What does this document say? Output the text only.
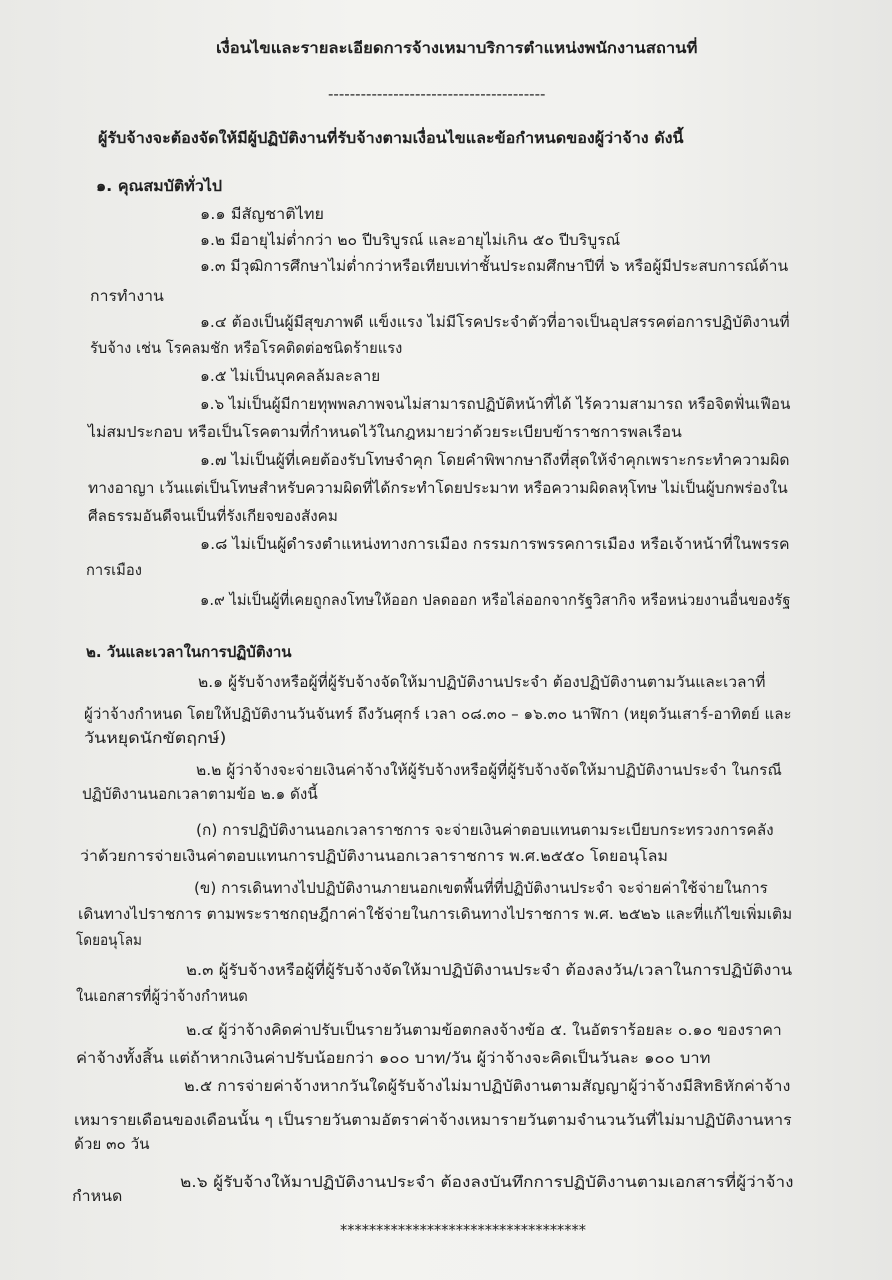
เงื่อนไขและรายละเอียดการจ้างเหมาบริการตำแหน่งพนักงานสถานที่

----------------------------------------

ผู้รับจ้างจะต้องจัดให้มีผู้ปฏิบัติงานที่รับจ้างตามเงื่อนไขและข้อกำหนดของผู้ว่าจ้าง ดังนี้

๑. คุณสมบัติทั่วไป

๑.๑ มีสัญชาติไทย

๑.๒ มีอายุไม่ต่ำกว่า ๒๐ ปีบริบูรณ์ และอายุไม่เกิน ๕๐ ปีบริบูรณ์

๑.๓ มีวุฒิการศึกษาไม่ต่ำกว่าหรือเทียบเท่าชั้นประถมศึกษาปีที่ ๖ หรือผู้มีประสบการณ์ด้าน

การทำงาน

๑.๔ ต้องเป็นผู้มีสุขภาพดี แข็งแรง ไม่มีโรคประจำตัวที่อาจเป็นอุปสรรคต่อการปฏิบัติงานที่

รับจ้าง เช่น โรคลมชัก หรือโรคติดต่อชนิดร้ายแรง

๑.๕ ไม่เป็นบุคคลล้มละลาย

๑.๖ ไม่เป็นผู้มีกายทุพพลภาพจนไม่สามารถปฏิบัติหน้าที่ได้ ไร้ความสามารถ หรือจิตฟั่นเฟือน

ไม่สมประกอบ หรือเป็นโรคตามที่กำหนดไว้ในกฎหมายว่าด้วยระเบียบข้าราชการพลเรือน

๑.๗ ไม่เป็นผู้ที่เคยต้องรับโทษจำคุก โดยคำพิพากษาถึงที่สุดให้จำคุกเพราะกระทำความผิด

ทางอาญา เว้นแต่เป็นโทษสำหรับความผิดที่ได้กระทำโดยประมาท หรือความผิดลหุโทษ ไม่เป็นผู้บกพร่องใน

ศีลธรรมอันดีจนเป็นที่รังเกียจของสังคม

๑.๘ ไม่เป็นผู้ดำรงตำแหน่งทางการเมือง กรรมการพรรคการเมือง หรือเจ้าหน้าที่ในพรรค

การเมือง

๑.๙ ไม่เป็นผู้ที่เคยถูกลงโทษให้ออก ปลดออก หรือไล่ออกจากรัฐวิสากิจ หรือหน่วยงานอื่นของรัฐ

๒. วันและเวลาในการปฏิบัติงาน

๒.๑ ผู้รับจ้างหรือผู้ที่ผู้รับจ้างจัดให้มาปฏิบัติงานประจำ ต้องปฏิบัติงานตามวันและเวลาที่

ผู้ว่าจ้างกำหนด โดยให้ปฏิบัติงานวันจันทร์ ถึงวันศุกร์ เวลา ๐๘.๓๐ – ๑๖.๓๐ นาฬิกา (หยุดวันเสาร์-อาทิตย์ และ

วันหยุดนักขัตฤกษ์)

๒.๒ ผู้ว่าจ้างจะจ่ายเงินค่าจ้างให้ผู้รับจ้างหรือผู้ที่ผู้รับจ้างจัดให้มาปฏิบัติงานประจำ ในกรณี

ปฏิบัติงานนอกเวลาตามข้อ ๒.๑ ดังนี้

(ก) การปฏิบัติงานนอกเวลาราชการ จะจ่ายเงินค่าตอบแทนตามระเบียบกระทรวงการคลัง

ว่าด้วยการจ่ายเงินค่าตอบแทนการปฏิบัติงานนอกเวลาราชการ พ.ศ.๒๕๕๐ โดยอนุโลม

(ข) การเดินทางไปปฏิบัติงานภายนอกเขตพื้นที่ที่ปฏิบัติงานประจำ จะจ่ายค่าใช้จ่ายในการ

เดินทางไปราชการ ตามพระราชกฤษฎีกาค่าใช้จ่ายในการเดินทางไปราชการ พ.ศ. ๒๕๒๖ และที่แก้ไขเพิ่มเติม

โดยอนุโลม

๒.๓ ผู้รับจ้างหรือผู้ที่ผู้รับจ้างจัดให้มาปฏิบัติงานประจำ ต้องลงวัน/เวลาในการปฏิบัติงาน

ในเอกสารที่ผู้ว่าจ้างกำหนด

๒.๔ ผู้ว่าจ้างคิดค่าปรับเป็นรายวันตามข้อตกลงจ้างข้อ ๕. ในอัตราร้อยละ ๐.๑๐ ของราคา

ค่าจ้างทั้งสิ้น แต่ถ้าหากเงินค่าปรับน้อยกว่า ๑๐๐ บาท/วัน ผู้ว่าจ้างจะคิดเป็นวันละ ๑๐๐ บาท

๒.๕ การจ่ายค่าจ้างหากวันใดผู้รับจ้างไม่มาปฏิบัติงานตามสัญญาผู้ว่าจ้างมีสิทธิหักค่าจ้าง

เหมารายเดือนของเดือนนั้น ๆ เป็นรายวันตามอัตราค่าจ้างเหมารายวันตามจำนวนวันที่ไม่มาปฏิบัติงานหาร

ด้วย ๓๐ วัน

๒.๖ ผู้รับจ้างให้มาปฏิบัติงานประจำ ต้องลงบันทึกการปฏิบัติงานตามเอกสารที่ผู้ว่าจ้าง

กำหนด

**********************************
